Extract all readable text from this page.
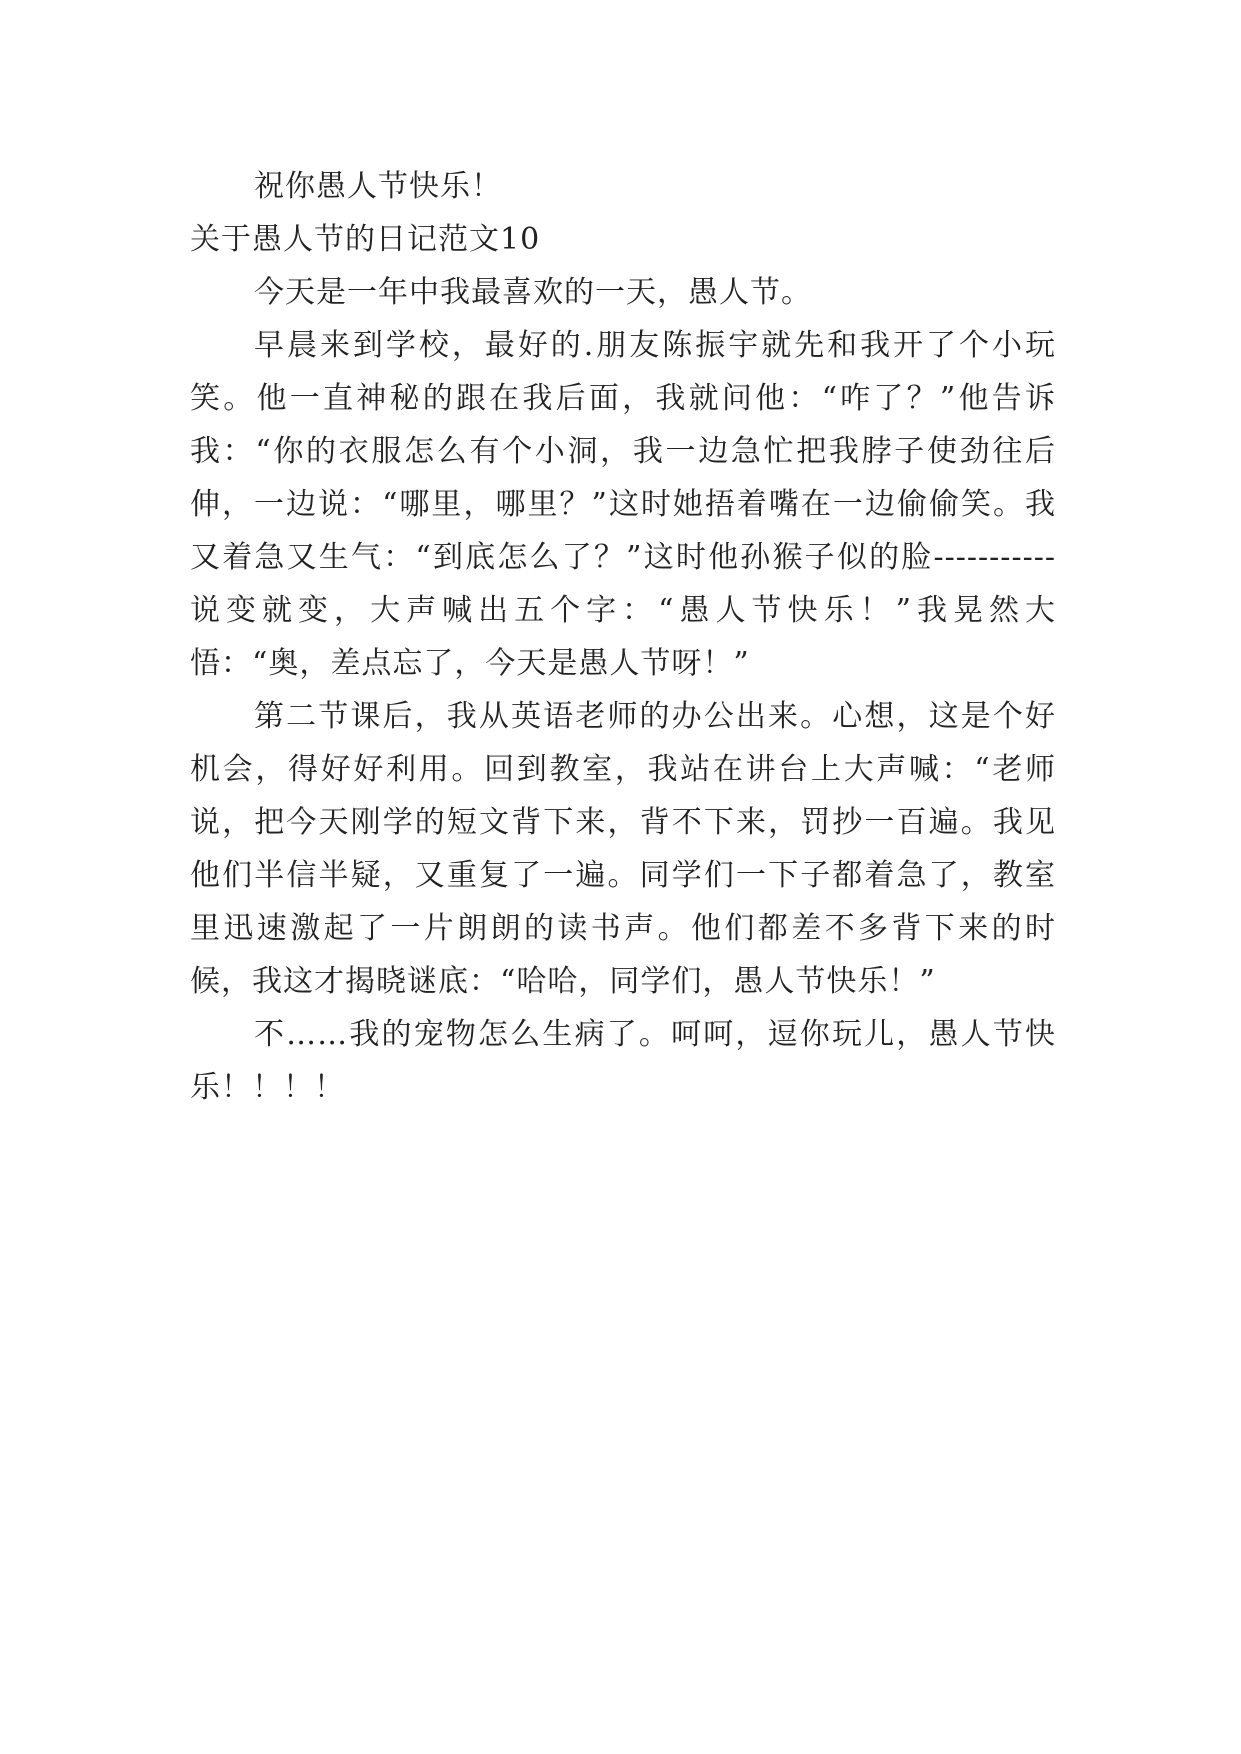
祝你愚人节快乐！

关于愚人节的日记范文10

今天是一年中我最喜欢的一天，愚人节。

早晨来到学校，最好的.朋友陈振宇就先和我开了个小玩笑。他一直神秘的跟在我后面，我就问他：“咋了？”他告诉我：“你的衣服怎么有个小洞，我一边急忙把我脖子使劲往后伸，一边说：“哪里，哪里？”这时她捂着嘴在一边偷偷笑。我又着急又生气：“到底怎么了？”这时他孙猴子似的脸-----------说变就变，大声喊出五个字：“愚人节快乐！”我晃然大悟：“奥，差点忘了，今天是愚人节呀！”

第二节课后，我从英语老师的办公出来。心想，这是个好机会，得好好利用。回到教室，我站在讲台上大声喊：“老师说，把今天刚学的短文背下来，背不下来，罚抄一百遍。我见他们半信半疑，又重复了一遍。同学们一下子都着急了，教室里迅速激起了一片朗朗的读书声。他们都差不多背下来的时候，我这才揭晓谜底：“哈哈，同学们，愚人节快乐！”

不……我的宠物怎么生病了。呵呵，逗你玩儿，愚人节快乐！！！！
